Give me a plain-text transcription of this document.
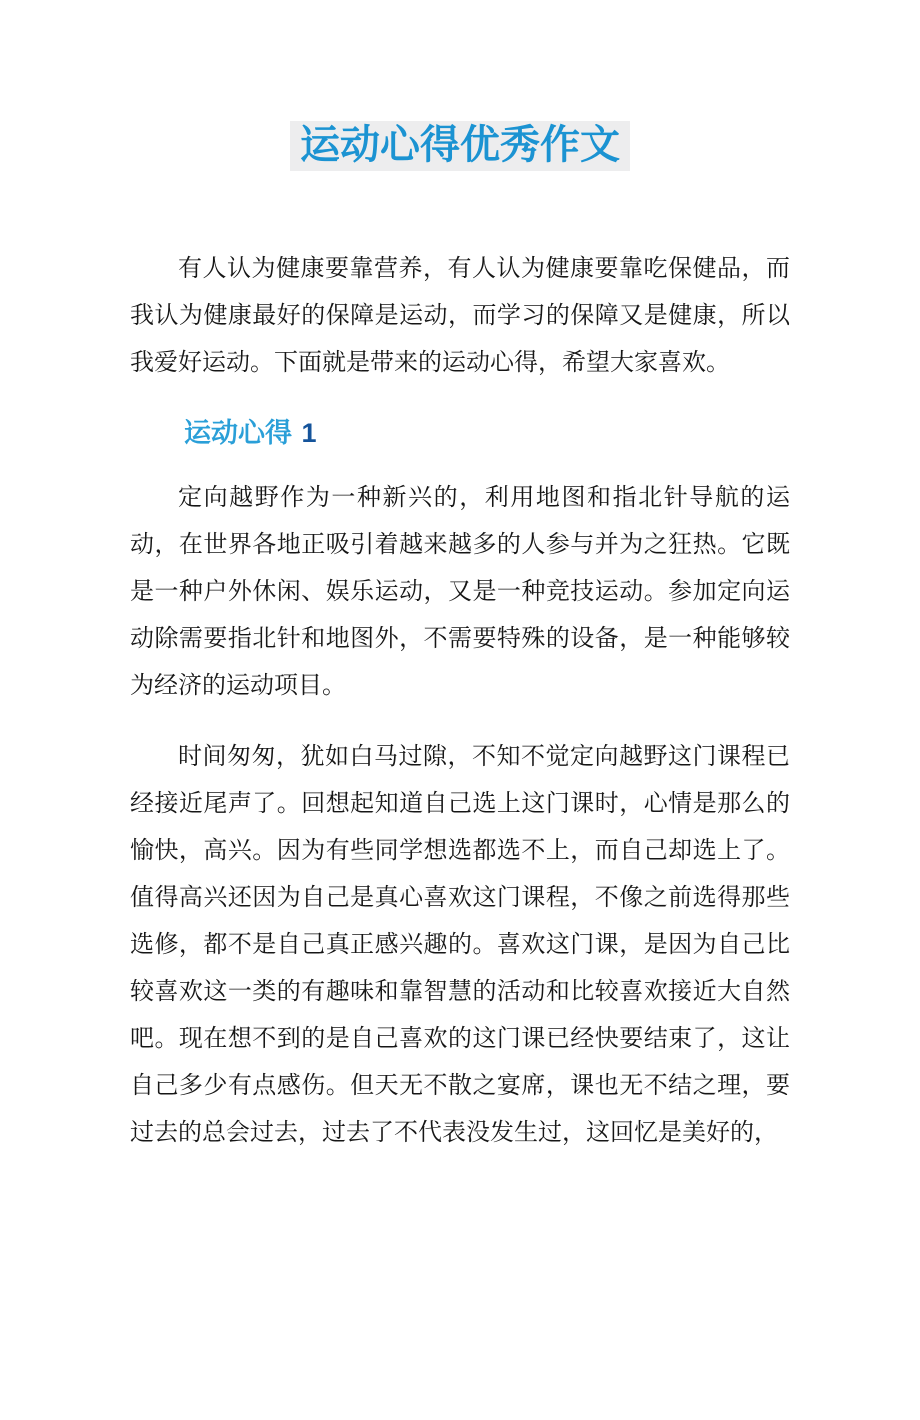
运动心得优秀作文

有人认为健康要靠营养，有人认为健康要靠吃保健品，而我认为健康最好的保障是运动，而学习的保障又是健康，所以我爱好运动。下面就是带来的运动心得，希望大家喜欢。

运动心得 1

定向越野作为一种新兴的，利用地图和指北针导航的运动，在世界各地正吸引着越来越多的人参与并为之狂热。它既是一种户外休闲、娱乐运动，又是一种竞技运动。参加定向运动除需要指北针和地图外，不需要特殊的设备，是一种能够较为经济的运动项目。

时间匆匆，犹如白马过隙，不知不觉定向越野这门课程已经接近尾声了。回想起知道自己选上这门课时，心情是那么的愉快，高兴。因为有些同学想选都选不上，而自己却选上了。值得高兴还因为自己是真心喜欢这门课程，不像之前选得那些选修，都不是自己真正感兴趣的。喜欢这门课，是因为自己比较喜欢这一类的有趣味和靠智慧的活动和比较喜欢接近大自然吧。现在想不到的是自己喜欢的这门课已经快要结束了，这让自己多少有点感伤。但天无不散之宴席，课也无不结之理，要过去的总会过去，过去了不代表没发生过，这回忆是美好的，
